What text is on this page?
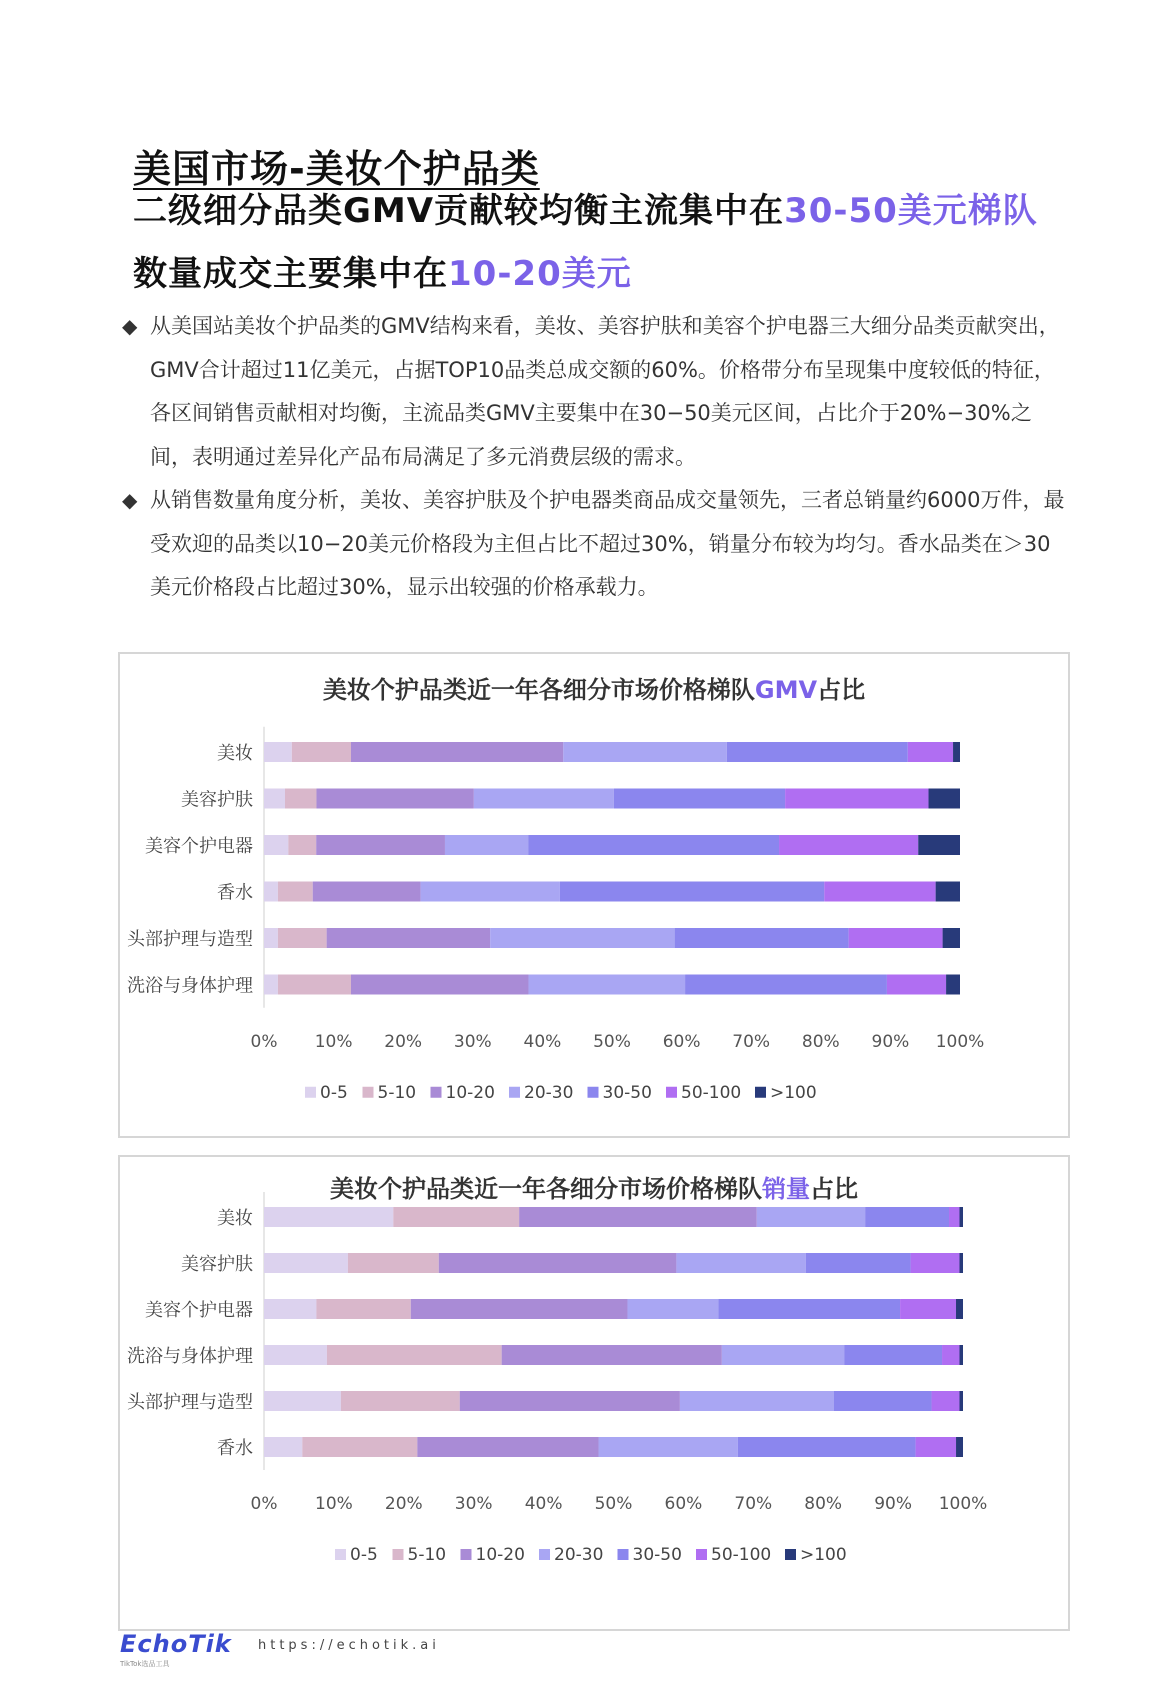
美国市场-美妆个护品类
二级细分品类GMV贡献较均衡主流集中在30-50美元梯队
数量成交主要集中在10-20美元

◆ 从美国站美妆个护品类的GMV结构来看，美妆、美容护肤和美容个护电器三大细分品类贡献突出，GMV合计超过11亿美元，占据TOP10品类总成交额的60%。价格带分布呈现集中度较低的特征，各区间销售贡献相对均衡，主流品类GMV主要集中在30−50美元区间，占比介于20%−30%之间，表明通过差异化产品布局满足了多元消费层级的需求。

◆ 从销售数量角度分析，美妆、美容护肤及个护电器类商品成交量领先，三者总销量约6000万件，最受欢迎的品类以10−20美元价格段为主但占比不超过30%，销量分布较为均匀。香水品类在＞30美元价格段占比超过30%，显示出较强的价格承载力。

美妆个护品类近一年各细分市场价格梯队GMV占比
美妆
美容护肤
美容个护电器
香水
头部护理与造型
洗浴与身体护理
0% 10% 20% 30% 40% 50% 60% 70% 80% 90% 100%
0-5 5-10 10-20 20-30 30-50 50-100 >100
美妆个护品类近一年各细分市场价格梯队销量占比
美妆
美容护肤
美容个护电器
洗浴与身体护理
头部护理与造型
香水
0% 10% 20% 30% 40% 50% 60% 70% 80% 90% 100%
0-5 5-10 10-20 20-30 30-50 50-100 >100
EchoTik
TikTok选品工具
https://echotik.ai
